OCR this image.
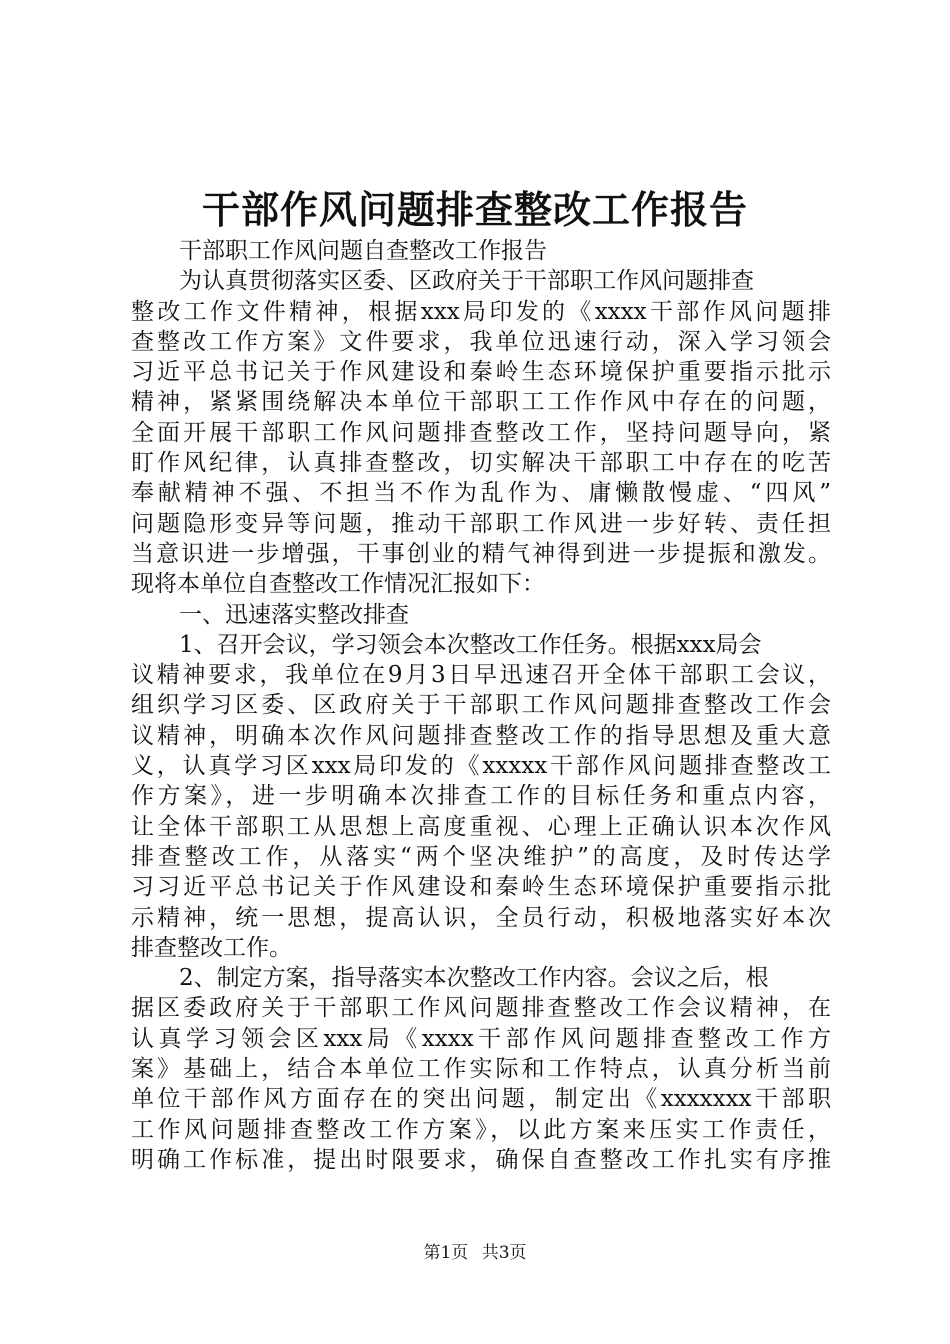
干部作风问题排查整改工作报告
干部职工作风问题自查整改工作报告
为认真贯彻落实区委、区政府关于干部职工作风问题排查
整改工作文件精神，根据xxx局印发的《xxxx干部作风问题排
查整改工作方案》文件要求，我单位迅速行动，深入学习领会
习近平总书记关于作风建设和秦岭生态环境保护重要指示批示
精神，紧紧围绕解决本单位干部职工工作作风中存在的问题，
全面开展干部职工作风问题排查整改工作，坚持问题导向，紧
盯作风纪律，认真排查整改，切实解决干部职工中存在的吃苦
奉献精神不强、不担当不作为乱作为、庸懒散慢虚、“四风”
问题隐形变异等问题，推动干部职工作风进一步好转、责任担
当意识进一步增强，干事创业的精气神得到进一步提振和激发。
现将本单位自查整改工作情况汇报如下：
一、迅速落实整改排查
1、召开会议，学习领会本次整改工作任务。根据xxx局会
议精神要求，我单位在9月3日早迅速召开全体干部职工会议，
组织学习区委、区政府关于干部职工作风问题排查整改工作会
议精神，明确本次作风问题排查整改工作的指导思想及重大意
义，认真学习区xxx局印发的《xxxxx干部作风问题排查整改工
作方案》，进一步明确本次排查工作的目标任务和重点内容，
让全体干部职工从思想上高度重视、心理上正确认识本次作风
排查整改工作，从落实“两个坚决维护”的高度，及时传达学
习习近平总书记关于作风建设和秦岭生态环境保护重要指示批
示精神，统一思想，提高认识，全员行动，积极地落实好本次
排查整改工作。
2、制定方案，指导落实本次整改工作内容。会议之后，根
据区委政府关于干部职工作风问题排查整改工作会议精神，在
认真学习领会区xxx局《xxxx干部作风问题排查整改工作方
案》基础上，结合本单位工作实际和工作特点，认真分析当前
单位干部作风方面存在的突出问题，制定出《xxxxxxx干部职
工作风问题排查整改工作方案》，以此方案来压实工作责任，
明确工作标准，提出时限要求，确保自查整改工作扎实有序推
第1页 共3页
